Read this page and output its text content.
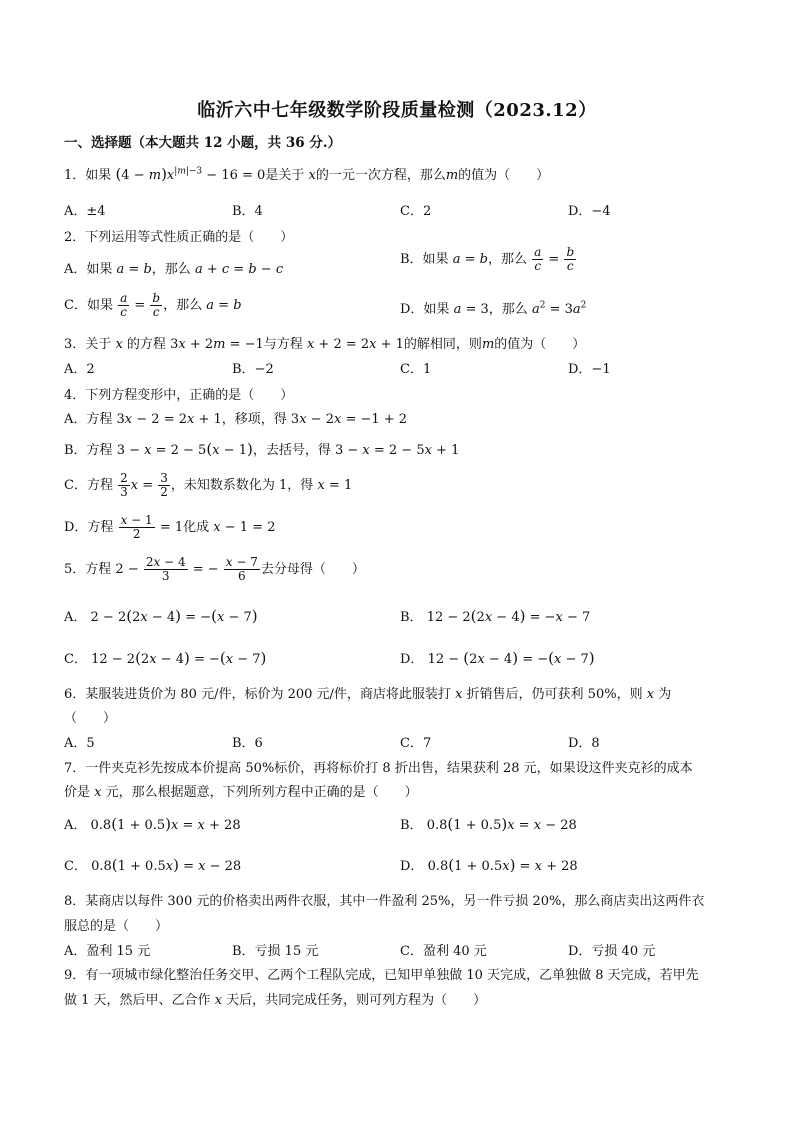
临沂六中七年级数学阶段质量检测（2023.12）
一、选择题（本大题共 12 小题，共 36 分.）
1．如果 $(4 - m)x^{|m|-3} - 16 = 0$是关于 x的一元一次方程，那么m的值为（　　）
A．±4	B．4	C．2	D．−4
2．下列运用等式性质正确的是（　　）
A．如果 a = b，那么 a + c = b − c
B．如果 a = b，那么 $\frac{a}{c} = \frac{b}{c}$
C．如果 $\frac{a}{c} = \frac{b}{c}$ ，那么 a = b	D．如果 a = 3，那么 $a^2 = 3a^2$
3．关于 x 的方程 3x + 2m = −1与方程 x + 2 = 2x + 1的解相同，则m的值为（　　）
A．2	B．−2	C．1	D．−1
4．下列方程变形中，正确的是（　　）
A．方程 3x − 2 = 2x + 1，移项，得 3x − 2x = −1 + 2
B．方程 3 − x = 2 − 5(x − 1)，去括号，得 3 − x = 2 − 5x + 1
C．方程 $\frac{2}{3}$ $x = \frac{3}{2}$ ，未知数系数化为 1，得 x = 1
D．方程 $\frac{x - 1}{2} = 1$化成 x − 1 = 2
5．方程 $2 - \frac{2x - 4}{3}$ = − $\frac{x - 7}{6}$ 去分母得（　　）
A． 2 − 2(2x − 4) = −(x − 7)	B． 12 − 2(2x − 4) = −x − 7
C． 12 − 2(2x − 4) = −(x − 7)	D． 12 − (2x − 4) = −(x − 7)
6．某服装进货价为 80 元/件，标价为 200 元/件，商店将此服装打 x 折销售后，仍可获利 50%，则 x 为
（　　）
A．5	B．6	C．7	D．8
7．一件夹克衫先按成本价提高 50%标价，再将标价打 8 折出售，结果获利 28 元，如果设这件夹克衫的成本
价是 x 元，那么根据题意，下列所列方程中正确的是（　　）
A． 0.8(1 + 0.5)x = x + 28	B． 0.8(1 + 0.5)x = x − 28
C． 0.8(1 + 0.5x) = x − 28	D． 0.8(1 + 0.5x) = x + 28
8．某商店以每件 300 元的价格卖出两件衣服，其中一件盈利 25%，另一件亏损 20%，那么商店卖出这两件衣
服总的是（　　）
A．盈利 15 元	B．亏损 15 元	C．盈利 40 元	D．亏损 40 元
9．有一项城市绿化整治任务交甲、乙两个工程队完成，已知甲单独做 10 天完成，乙单独做 8 天完成，若甲先
做 1 天，然后甲、乙合作 x 天后，共同完成任务，则可列方程为（　　）
